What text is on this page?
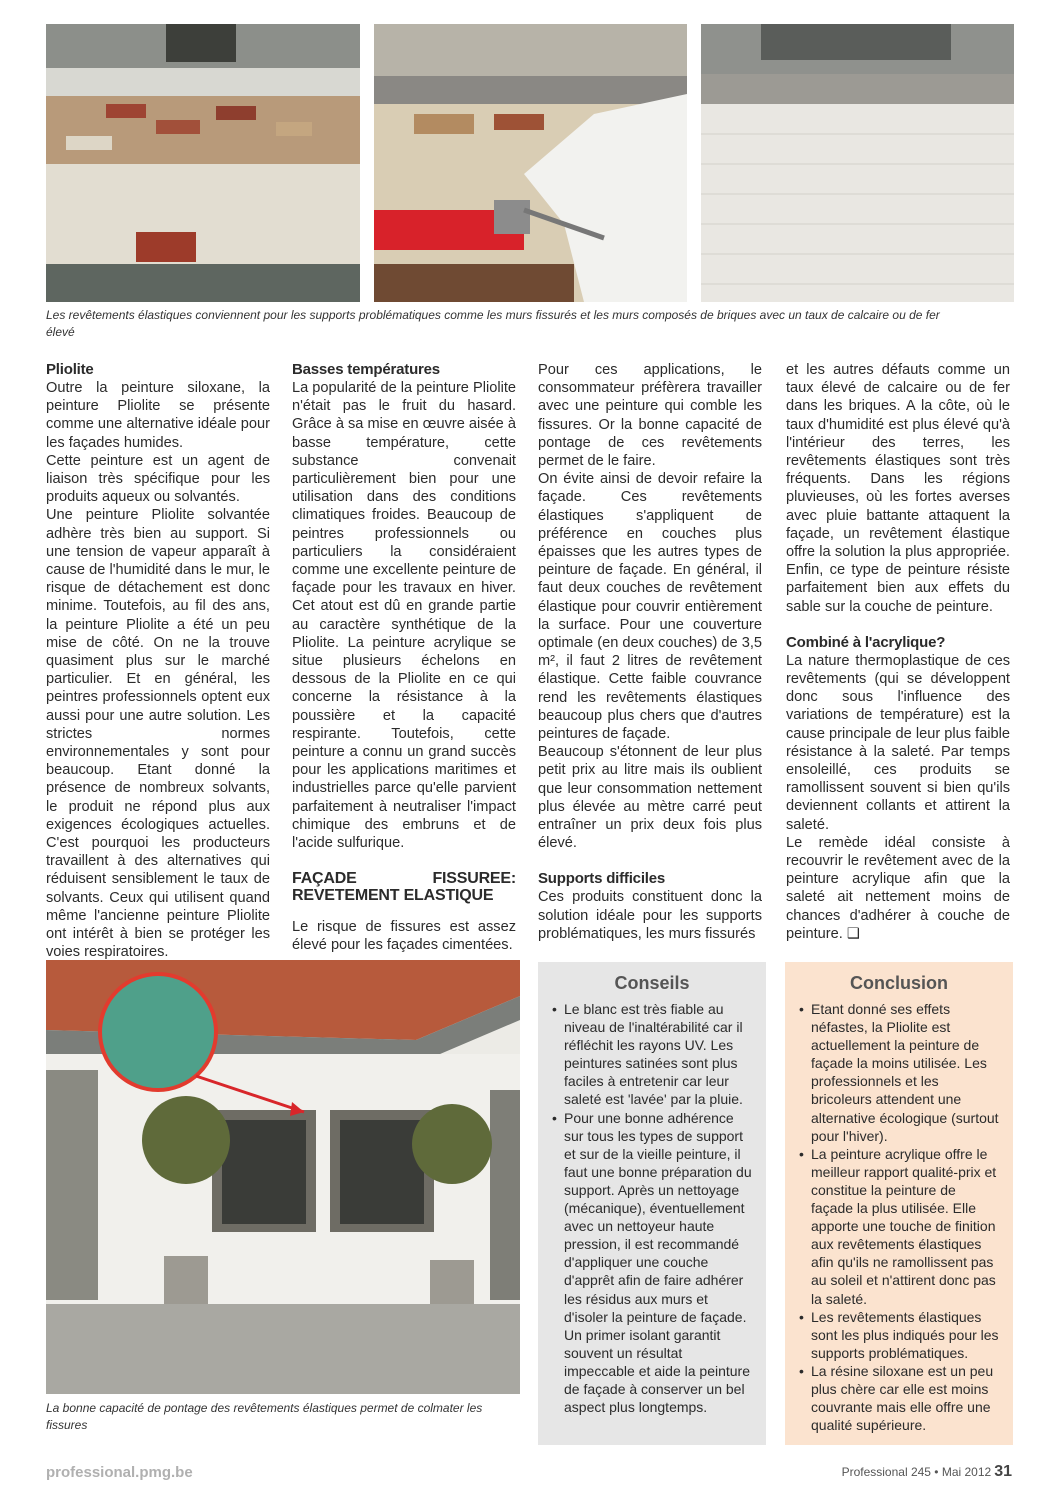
Les revêtements élastiques conviennent pour les supports problématiques comme les murs fissurés et les murs composés de briques avec un taux de calcaire ou de fer élevé
Pliolite

Outre la peinture siloxane, la peinture Pliolite se présente comme une alternative idéale pour les façades humides.

Cette peinture est un agent de liaison très spécifique pour les produits aqueux ou solvantés.

Une peinture Pliolite solvantée adhère très bien au support. Si une tension de vapeur apparaît à cause de l'humidité dans le mur, le risque de détachement est donc minime. Toutefois, au fil des ans, la peinture Pliolite a été un peu mise de côté. On ne la trouve quasiment plus sur le marché particulier. Et en général, les peintres professionnels optent eux aussi pour une autre solution. Les strictes normes environnementales y sont pour beaucoup. Etant donné la présence de nombreux solvants, le produit ne répond plus aux exigences écologiques actuelles. C'est pourquoi les producteurs travaillent à des alternatives qui réduisent sensiblement le taux de solvants. Ceux qui utilisent quand même l'ancienne peinture Pliolite ont intérêt à bien se protéger les voies respiratoires.

Basses températures

La popularité de la peinture Pliolite n'était pas le fruit du hasard. Grâce à sa mise en œuvre aisée à basse température, cette substance convenait particulièrement bien pour une utilisation dans des conditions climatiques froides. Beaucoup de peintres professionnels ou particuliers la considéraient comme une excellente peinture de façade pour les travaux en hiver. Cet atout est dû en grande partie au caractère synthétique de la Pliolite. La peinture acrylique se situe plusieurs échelons en dessous de la Pliolite en ce qui concerne la résistance à la poussière et la capacité respirante. Toutefois, cette peinture a connu un grand succès pour les applications maritimes et industrielles parce qu'elle parvient parfaitement à neutraliser l'impact chimique des embruns et de l'acide sulfurique.

FAÇADE FISSUREE: REVETEMENT ELASTIQUE

Le risque de fissures est assez élevé pour les façades cimentées.

Pour ces applications, le consommateur préfèrera travailler avec une peinture qui comble les fissures. Or la bonne capacité de pontage de ces revêtements permet de le faire.

On évite ainsi de devoir refaire la façade. Ces revêtements élastiques s'appliquent de préférence en couches plus épaisses que les autres types de peinture de façade. En général, il faut deux couches de revêtement élastique pour couvrir entièrement la surface. Pour une couverture optimale (en deux couches) de 3,5 m², il faut 2 litres de revêtement élastique. Cette faible couvrance rend les revêtements élastiques beaucoup plus chers que d'autres peintures de façade.

Beaucoup s'étonnent de leur plus petit prix au litre mais ils oublient que leur consommation nettement plus élevée au mètre carré peut entraîner un prix deux fois plus élevé.

Supports difficiles

Ces produits constituent donc la solution idéale pour les supports problématiques, les murs fissurés

et les autres défauts comme un taux élevé de calcaire ou de fer dans les briques. A la côte, où le taux d'humidité est plus élevé qu'à l'intérieur des terres, les revêtements élastiques sont très fréquents. Dans les régions pluvieuses, où les fortes averses avec pluie battante attaquent la façade, un revêtement élastique offre la solution la plus appropriée. Enfin, ce type de peinture résiste parfaitement bien aux effets du sable sur la couche de peinture.

Combiné à l'acrylique?

La nature thermoplastique de ces revêtements (qui se développent donc sous l'influence des variations de température) est la cause principale de leur plus faible résistance à la saleté. Par temps ensoleillé, ces produits se ramollissent souvent si bien qu'ils deviennent collants et attirent la saleté.

Le remède idéal consiste à recouvrir le revêtement avec de la peinture acrylique afin que la saleté ait nettement moins de chances d'adhérer à couche de peinture. ❑

La bonne capacité de pontage des revêtements élastiques permet de colmater les fissures
Conseils
• Le blanc est très fiable au niveau de l'inaltérabilité car il réfléchit les rayons UV. Les peintures satinées sont plus faciles à entretenir car leur saleté est 'lavée' par la pluie.
• Pour une bonne adhérence sur tous les types de support et sur de la vieille peinture, il faut une bonne préparation du support. Après un nettoyage (mécanique), éventuellement avec un nettoyeur haute pression, il est recommandé d'appliquer une couche d'apprêt afin de faire adhérer les résidus aux murs et d'isoler la peinture de façade. Un primer isolant garantit souvent un résultat impeccable et aide la peinture de façade à conserver un bel aspect plus longtemps.
Conclusion
• Etant donné ses effets néfastes, la Pliolite est actuellement la peinture de façade la moins utilisée. Les professionnels et les bricoleurs attendent une alternative écologique (surtout pour l'hiver).
• La peinture acrylique offre le meilleur rapport qualité-prix et constitue la peinture de façade la plus utilisée. Elle apporte une touche de finition aux revêtements élastiques afin qu'ils ne ramollissent pas au soleil et n'attirent donc pas la saleté.
• Les revêtements élastiques sont les plus indiqués pour les supports problématiques.
• La résine siloxane est un peu plus chère car elle est moins couvrante mais elle offre une qualité supérieure.
professional.pmg.be	Professional 245 • Mai 2012 31
